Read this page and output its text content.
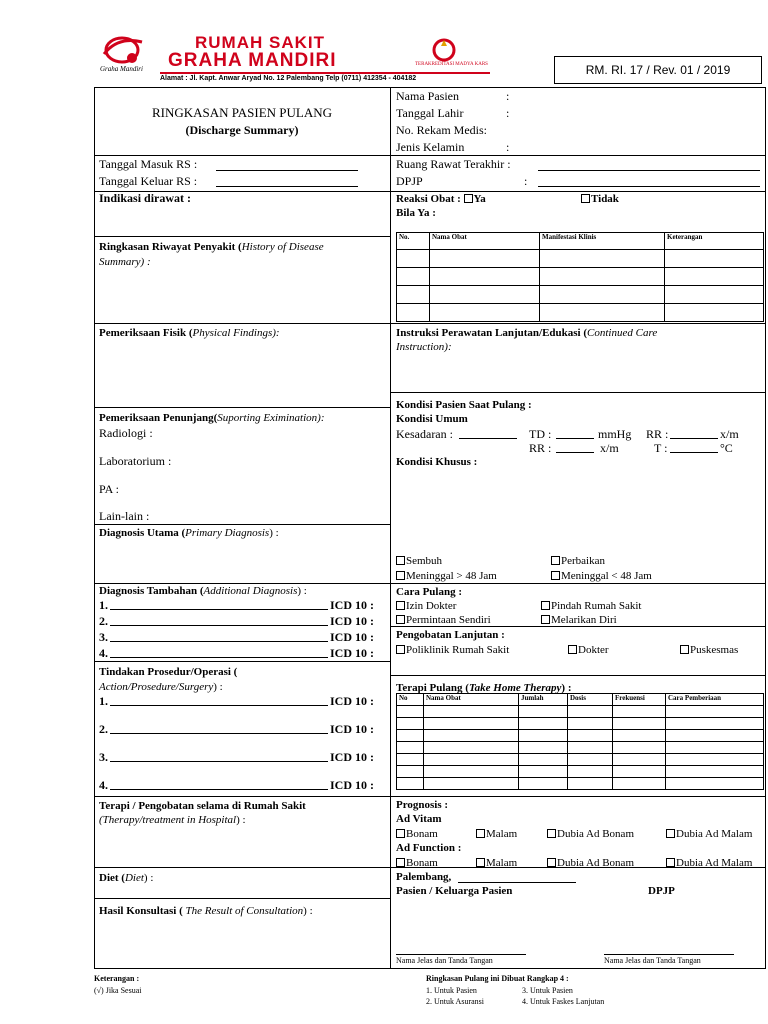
Graha Mandiri
RUMAH SAKIT
GRAHA MANDIRI
Alamat : Jl. Kapt. Anwar Aryad No. 12 Palembang Telp (0711) 412354 - 404182
TERAKREDITASI MADYA KARS	RM. RI. 17 / Rev. 01 / 2019
RINGKASAN PASIEN PULANG
(Discharge Summary)
Nama Pasien	:
Tanggal Lahir	:
No. Rekam Medis:
Jenis Kelamin	:
Tanggal Masuk RS :
Tanggal Keluar RS :
Ruang Rawat Terakhir :
DPJP	:
Indikasi dirawat :
Ringkasan Riwayat Penyakit (History of Disease
Summary) :
Pemeriksaan Fisik (Physical Findings):
Pemeriksaan Penunjang(Suporting Eximination):
Radiologi :
Laboratorium :
PA :
Lain-lain :
Diagnosis Utama (Primary Diagnosis) :
Diagnosis Tambahan (Additional Diagnosis) :
1.	ICD 10 :
2.	ICD 10 :
3.	ICD 10 :
4.	ICD 10 :
Tindakan Prosedur/Operasi (
Action/Prosedure/Surgery) :
1.	ICD 10 :
2.	ICD 10 :
3.	ICD 10 :
4.	ICD 10 :
Terapi / Pengobatan selama di Rumah Sakit
(Therapy/treatment in Hospital) :
Diet (Diet) :
Hasil Konsultasi ( The Result of Consultation) :
Reaksi Obat : Ya	Tidak
Bila Ya :
No.	Nama Obat	Manifestasi Klinis	Keterangan

Instruksi Perawatan Lanjutan/Edukasi (Continued Care
Instruction):
Kondisi Pasien Saat Pulang :
Kondisi Umum
Kesadaran :	TD :	mmHg RR :	x/m
RR :	x/m	T :	°C
Kondisi Khusus :
Sembuh	Perbaikan
Meninggal > 48 Jam	Meninggal < 48 Jam
Cara Pulang :
Izin Dokter	Pindah Rumah Sakit
Permintaan Sendiri	Melarikan Diri
Pengobatan Lanjutan :
Poliklinik Rumah Sakit	Dokter	Puskesmas
Terapi Pulang (Take Home Therapy) :
No	Nama Obat	Jumlah	Dosis	Frekuensi	Cara Pemberiaan

Prognosis :
Ad Vitam
Bonam	Malam	Dubia Ad Bonam	Dubia Ad Malam
Ad Function :
Bonam	Malam	Dubia Ad Bonam	Dubia Ad Malam
Palembang,
Pasien / Keluarga Pasien	DPJP
Nama Jelas dan Tanda Tangan	Nama Jelas dan Tanda Tangan
Keterangan :
(√) Jika Sesuai
Ringkasan Pulang ini Dibuat Rangkap 4 :
1. Untuk Pasien
2. Untuk Asuransi
3. Untuk Pasien
4. Untuk Faskes Lanjutan
